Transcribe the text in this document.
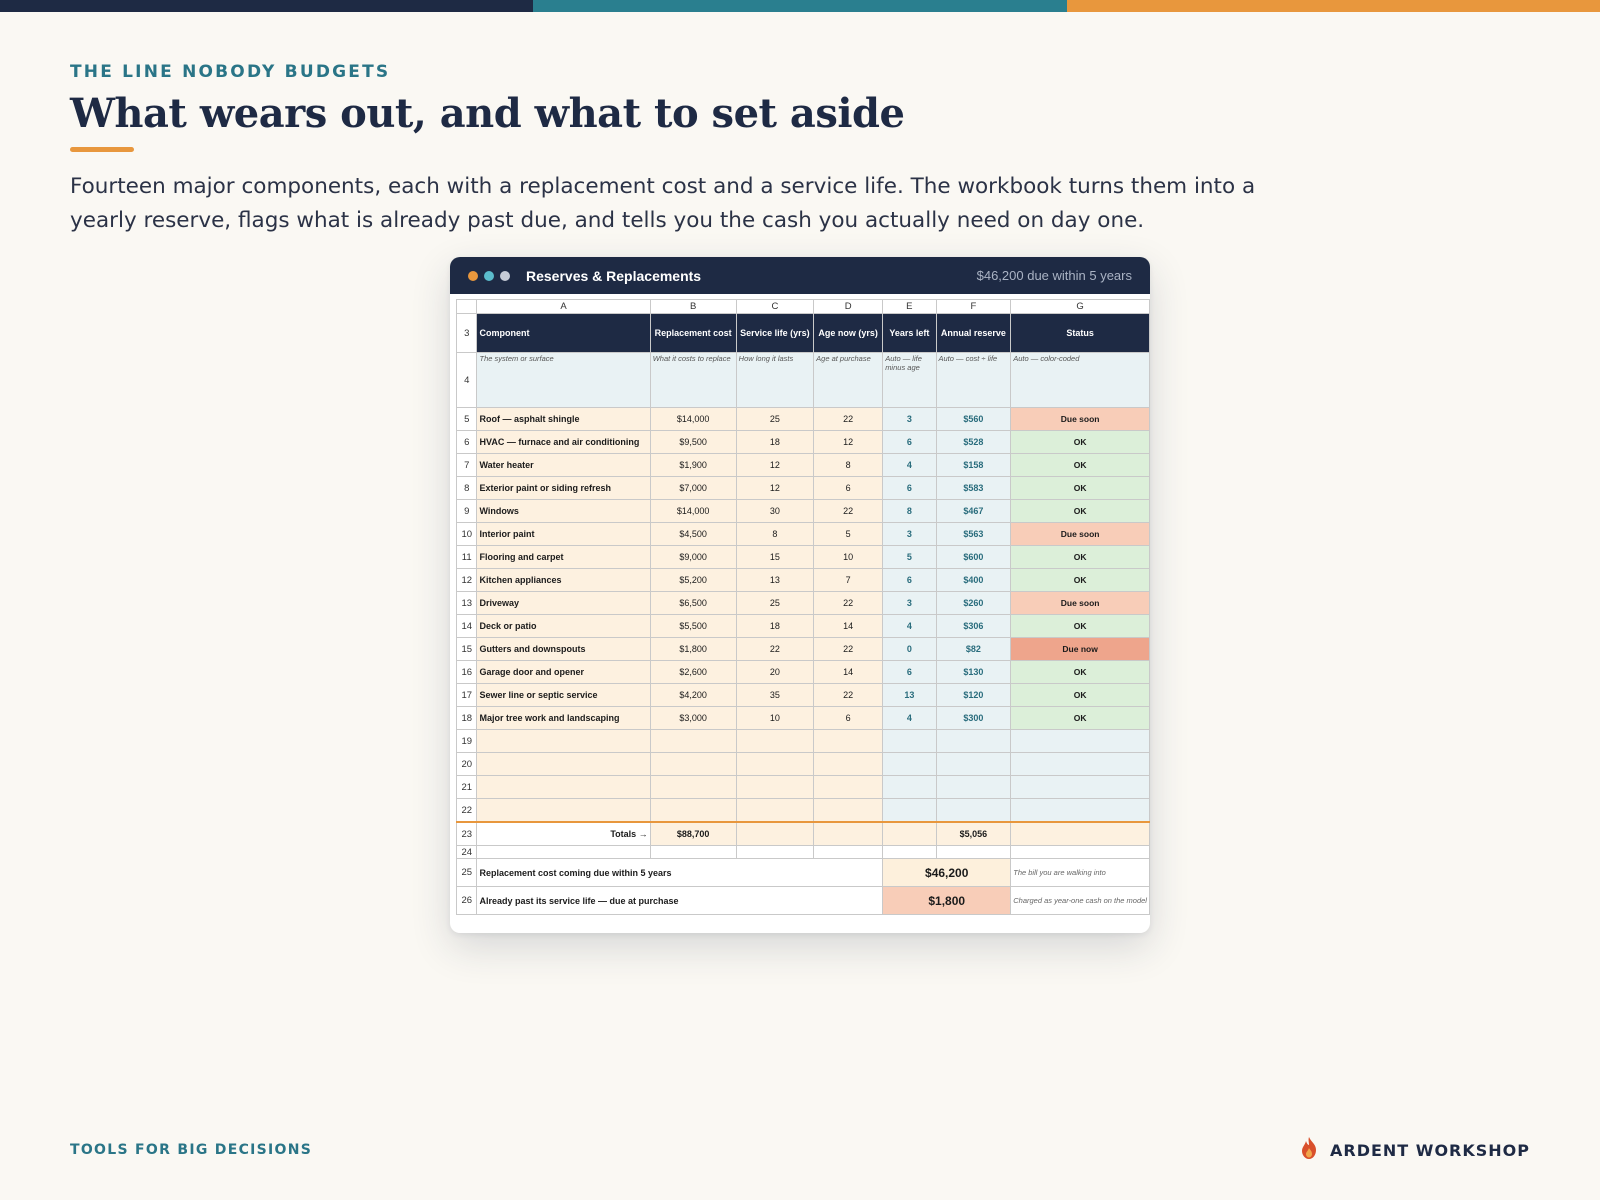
THE LINE NOBODY BUDGETS
What wears out, and what to set aside

Fourteen major components, each with a replacement cost and a service life. The workbook turns them into a yearly reserve, flags what is already past due, and tells you the cash you actually need on day one.

Reserves & Replacements	$46,200 due within 5 years
	A	B	C	D	E	F	G
3	Component	Replacement cost	Service life (yrs)	Age now (yrs)	Years left	Annual reserve	Status
4	The system or surface	What it costs to replace	How long it lasts	Age at purchase	Auto — life minus age	Auto — cost ÷ life	Auto — color-coded
5	Roof — asphalt shingle	$14,000	25	22	3	$560	Due soon
6	HVAC — furnace and air conditioning	$9,500	18	12	6	$528	OK
7	Water heater	$1,900	12	8	4	$158	OK
8	Exterior paint or siding refresh	$7,000	12	6	6	$583	OK
9	Windows	$14,000	30	22	8	$467	OK
10	Interior paint	$4,500	8	5	3	$563	Due soon
11	Flooring and carpet	$9,000	15	10	5	$600	OK
12	Kitchen appliances	$5,200	13	7	6	$400	OK
13	Driveway	$6,500	25	22	3	$260	Due soon
14	Deck or patio	$5,500	18	14	4	$306	OK
15	Gutters and downspouts	$1,800	22	22	0	$82	Due now
16	Garage door and opener	$2,600	20	14	6	$130	OK
17	Sewer line or septic service	$4,200	35	22	13	$120	OK
18	Major tree work and landscaping	$3,000	10	6	4	$300	OK
19							
20							
21							
22							
23	Totals →	$88,700				$5,056	
24							
25	Replacement cost coming due within 5 years				$46,200		The bill you are walking into
26	Already past its service life — due at purchase				$1,800		Charged as year-one cash on the model
TOOLS FOR BIG DECISIONS	ARDENT WORKSHOP
